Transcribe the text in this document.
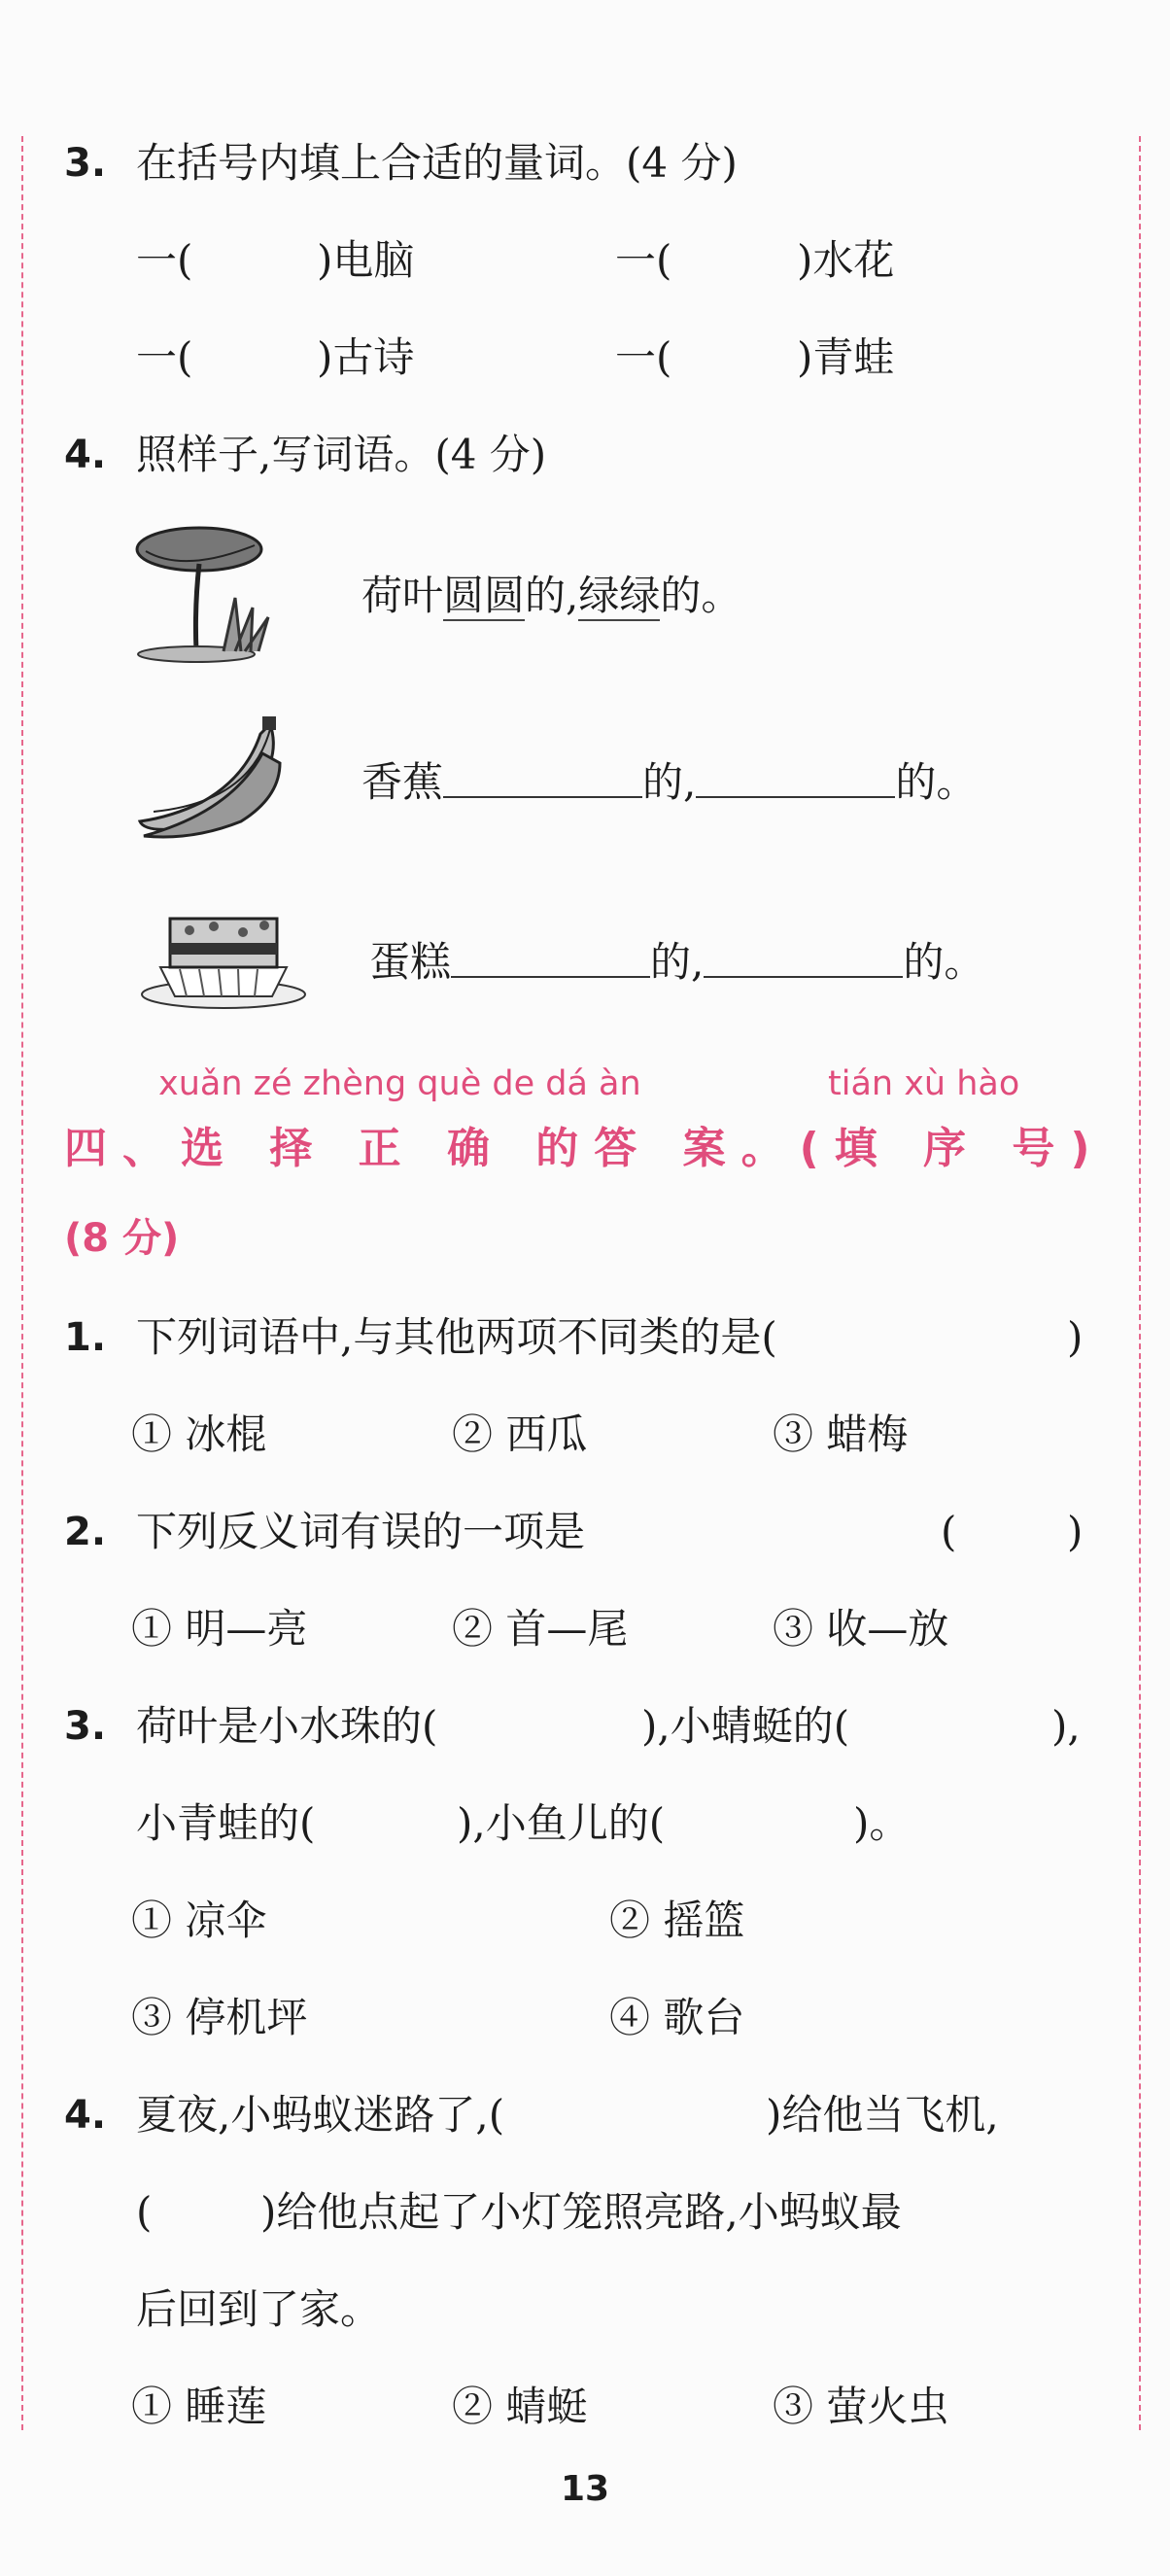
3. 在括号内填上合适的量词。(4 分)
一(	)电脑	一(	)水花
一(	)古诗	一(	)青蛙
4. 照样子,写词语。(4 分)
荷叶圆圆的,绿绿的。
香蕉	的,	的。
蛋糕	的,	的。
xuǎn zé zhèng què de dá àn	tián xù hào
四、选 择 正 确 的答 案。(填 序 号)
(8 分)
1. 下列词语中,与其他两项不同类的是(	)
① 冰棍	② 西瓜	③ 蜡梅
2. 下列反义词有误的一项是	(	)
① 明—亮	② 首—尾	③ 收—放
3. 荷叶是小水珠的(	),小蜻蜓的(	),
小青蛙的(	),小鱼儿的(	)。
① 凉伞	② 摇篮
③ 停机坪	④ 歌台
4. 夏夜,小蚂蚁迷路了,(	)给他当飞机,
(	)给他点起了小灯笼照亮路,小蚂蚁最
后回到了家。
① 睡莲	② 蜻蜓	③ 萤火虫
13
